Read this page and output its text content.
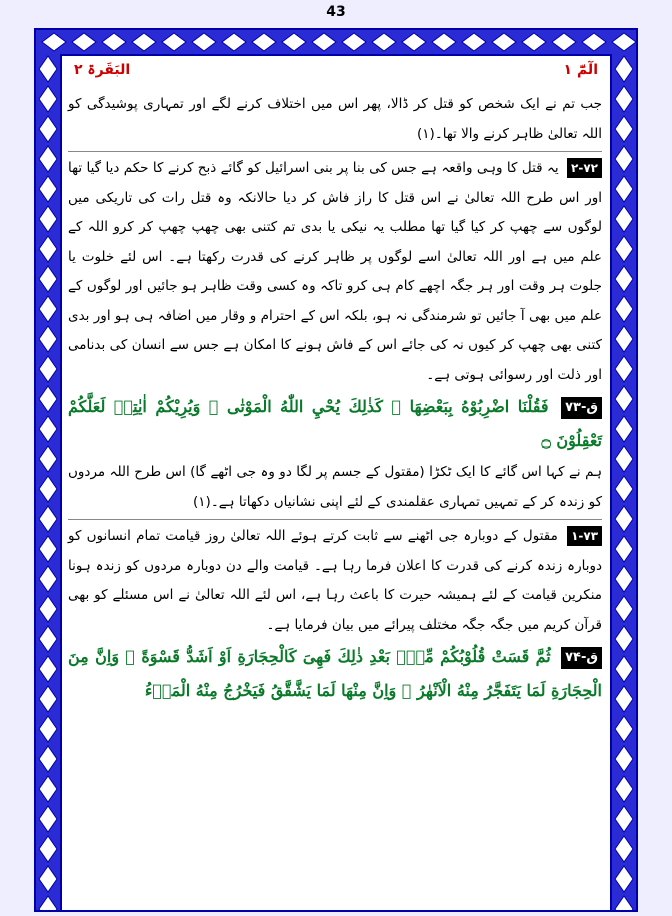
43
الٓمّٓ ۱
البَقَرۃ ۲

جب تم نے ایک شخص کو قتل کر ڈالا، پھر اس میں اختلاف کرنے لگے اور تمہاری پوشیدگی کو اللہ تعالیٰ ظاہر کرنے والا تھا۔(۱)

۲-۷۲ یہ قتل کا وہی واقعہ ہے جس کی بنا پر بنی اسرائیل کو گائے ذبح کرنے کا حکم دیا گیا تھا اور اس طرح اللہ تعالیٰ نے اس قتل کا راز فاش کر دیا حالانکہ وہ قتل رات کی تاریکی میں لوگوں سے چھپ کر کیا گیا تھا مطلب یہ نیکی یا بدی تم کتنی بھی چھپ چھپ کر کرو اللہ کے علم میں ہے اور اللہ تعالیٰ اسے لوگوں پر ظاہر کرنے کی قدرت رکھتا ہے۔ اس لئے خلوت یا جلوت ہر وقت اور ہر جگہ اچھے کام ہی کرو تاکہ وہ کسی وقت ظاہر ہو جائیں اور لوگوں کے علم میں بھی آ جائیں تو شرمندگی نہ ہو، بلکہ اس کے احترام و وقار میں اضافہ ہی ہو اور بدی کتنی بھی چھپ کر کیوں نہ کی جائے اس کے فاش ہونے کا امکان ہے جس سے انسان کی بدنامی اور ذلت اور رسوائی ہوتی ہے۔

ق-۷۳ فَقُلْنَا اضْرِبُوْهُ بِبَعْضِهَا ۭ كَذٰلِكَ يُحْيِ اللّٰهُ الْمَوْتٰى ۙ وَيُرِيْكُمْ اٰيٰتِهٖ لَعَلَّكُمْ تَعْقِلُوْنَ ۝

ہم نے کہا اس گائے کا ایک ٹکڑا (مقتول کے جسم پر لگا دو وہ جی اٹھے گا) اس طرح اللہ مردوں کو زندہ کر کے تمہیں تمہاری عقلمندی کے لئے اپنی نشانیاں دکھاتا ہے۔(۱)

۱-۷۳ مقتول کے دوبارہ جی اٹھنے سے ثابت کرتے ہوئے اللہ تعالیٰ روز قیامت تمام انسانوں کو دوبارہ زندہ کرنے کی قدرت کا اعلان فرما رہا ہے۔ قیامت والے دن دوبارہ مردوں کو زندہ ہونا منکرین قیامت کے لئے ہمیشہ حیرت کا باعث رہا ہے، اس لئے اللہ تعالیٰ نے اس مسئلے کو بھی قرآن کریم میں جگہ جگہ مختلف پیرائے میں بیان فرمایا ہے۔

ق-۷۴ ثُمَّ قَسَتْ قُلُوْبُكُمْ مِّنْۢ بَعْدِ ذٰلِكَ فَهِىَ كَالْحِجَارَةِ اَوْ اَشَدُّ قَسْوَةً ۭ وَاِنَّ مِنَ الْحِجَارَةِ لَمَا يَتَفَجَّرُ مِنْهُ الْاَنْهٰرُ ۭ وَاِنَّ مِنْهَا لَمَا يَشَّقَّقُ فَيَخْرُجُ مِنْهُ الْمَاۗءُ
